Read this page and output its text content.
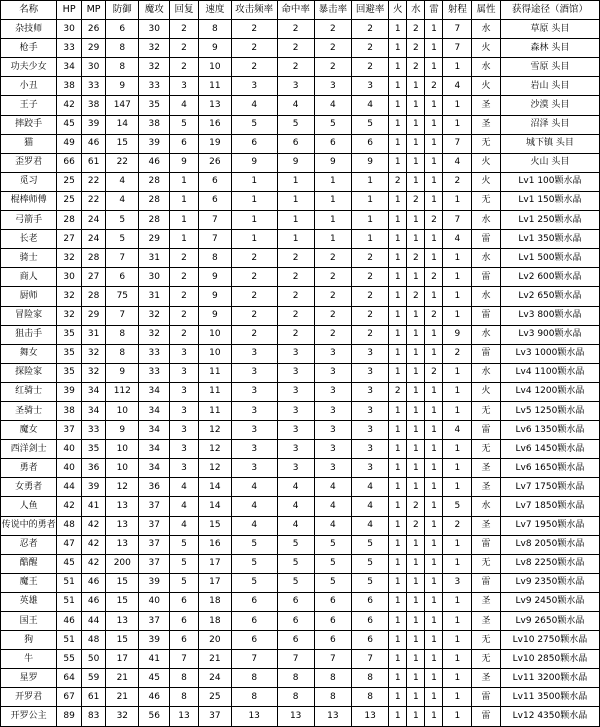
名称	HP	MP	防御	魔攻	回复	速度	攻击频率	命中率	暴击率	回避率	火	水	雷	射程	属性	获得途径（酒馆）
杂技师	30	26	6	30	2	8	2	2	2	2	1	2	1	7	水	草原 头目
枪手	33	29	8	32	2	9	2	2	2	2	1	2	1	7	火	森林 头目
功夫少女	34	30	8	32	2	10	2	2	2	2	1	2	1	1	水	雪原 头目
小丑	38	33	9	33	3	11	3	3	3	3	1	1	2	4	火	岩山 头目
王子	42	38	147	35	4	13	4	4	4	4	1	1	1	1	圣	沙漠 头目
摔跤手	45	39	14	38	5	16	5	5	5	5	1	1	1	1	圣	沼泽 头目
猫	49	46	15	39	6	19	6	6	6	6	1	1	1	7	无	城下镇 头目
歪罗君	66	61	22	46	9	26	9	9	9	9	1	1	1	4	火	火山 头目
觅习	25	22	4	28	1	6	1	1	1	1	2	1	1	2	火	Lv1 100颗水晶
棍棒师傅	25	22	4	28	1	6	1	1	1	1	1	2	1	1	无	Lv1 150颗水晶
弓箭手	28	24	5	28	1	7	1	1	1	1	1	1	2	7	水	Lv1 250颗水晶
长老	27	24	5	29	1	7	1	1	1	1	1	1	1	4	雷	Lv1 350颗水晶
骑士	32	28	7	31	2	8	2	2	2	2	1	2	1	1	水	Lv1 500颗水晶
商人	30	27	6	30	2	9	2	2	2	2	1	1	2	1	雷	Lv2 600颗水晶
厨师	32	28	75	31	2	9	2	2	2	2	1	2	1	1	水	Lv2 650颗水晶
冒险家	32	29	7	32	2	9	2	2	2	2	1	1	2	1	雷	Lv3 800颗水晶
狙击手	35	31	8	32	2	10	2	2	2	2	1	1	1	9	水	Lv3 900颗水晶
舞女	35	32	8	33	3	10	3	3	3	3	1	1	1	2	雷	Lv3 1000颗水晶
探险家	35	32	9	33	3	11	3	3	3	3	1	1	2	1	水	Lv4 1100颗水晶
红骑士	39	34	112	34	3	11	3	3	3	3	2	1	1	1	火	Lv4 1200颗水晶
圣骑士	38	34	10	34	3	11	3	3	3	3	1	1	1	1	无	Lv5 1250颗水晶
魔女	37	33	9	34	3	12	3	3	3	3	1	1	1	4	雷	Lv6 1350颗水晶
西洋剑士	40	35	10	34	3	12	3	3	3	3	1	1	1	1	无	Lv6 1450颗水晶
勇者	40	36	10	34	3	12	3	3	3	3	1	1	1	1	圣	Lv6 1650颗水晶
女勇者	44	39	12	36	4	14	4	4	4	4	1	1	1	1	圣	Lv7 1750颗水晶
人鱼	42	41	13	37	4	14	4	4	4	4	1	2	1	5	水	Lv7 1850颗水晶
传说中的勇者	48	42	13	37	4	15	4	4	4	4	1	2	1	2	圣	Lv7 1950颗水晶
忍者	47	42	13	37	5	16	5	5	5	5	1	1	1	1	雷	Lv8 2050颗水晶
酷醒	45	42	200	37	5	17	5	5	5	5	1	1	1	1	无	Lv8 2250颗水晶
魔王	51	46	15	39	5	17	5	5	5	5	1	1	1	3	雷	Lv9 2350颗水晶
英雄	51	46	15	40	6	18	6	6	6	6	1	1	1	1	圣	Lv9 2450颗水晶
国王	46	44	13	37	6	18	6	6	6	6	1	1	1	1	圣	Lv9 2650颗水晶
狗	51	48	15	39	6	20	6	6	6	6	1	1	1	1	无	Lv10 2750颗水晶
牛	55	50	17	41	7	21	7	7	7	7	1	1	1	1	无	Lv10 2850颗水晶
星罗	64	59	21	45	8	24	8	8	8	8	1	1	1	1	圣	Lv11 3200颗水晶
开罗君	67	61	21	46	8	25	8	8	8	8	1	1	1	1	雷	Lv11 3500颗水晶
开罗公主	89	83	32	56	13	37	13	13	13	13	1	1	1	1	雷	Lv12 4350颗水晶
